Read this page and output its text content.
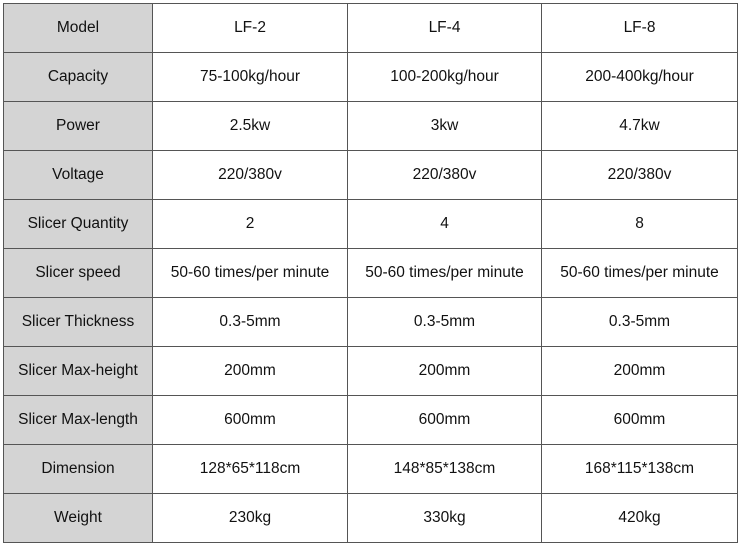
Model	LF-2	LF-4	LF-8
Capacity	75-100kg/hour	100-200kg/hour	200-400kg/hour
Power	2.5kw	3kw	4.7kw
Voltage	220/380v	220/380v	220/380v
Slicer Quantity	2	4	8
Slicer speed	50-60 times/per minute	50-60 times/per minute	50-60 times/per minute
Slicer Thickness	0.3-5mm	0.3-5mm	0.3-5mm
Slicer Max-height	200mm	200mm	200mm
Slicer Max-length	600mm	600mm	600mm
Dimension	128*65*118cm	148*85*138cm	168*115*138cm
Weight	230kg	330kg	420kg
